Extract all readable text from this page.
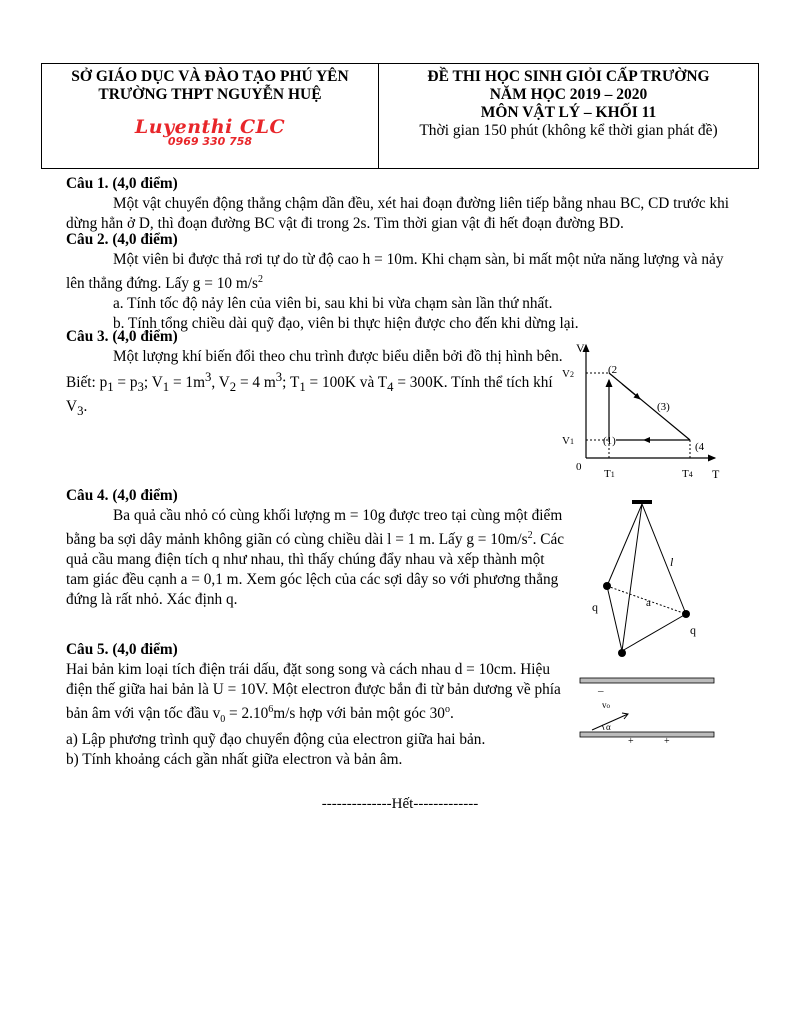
SỞ GIÁO DỤC VÀ ĐÀO TẠO PHÚ YÊN
TRƯỜNG THPT NGUYỄN HUỆ
Luyenthi CLC
0969 330 758
ĐỀ THI HỌC SINH GIỎI CẤP TRƯỜNG
NĂM HỌC 2019 – 2020
MÔN VẬT LÝ – KHỐI 11
Thời gian 150 phút (không kể thời gian phát đề)
Câu 1. (4,0 điểm)
Một vật chuyển động thẳng chậm dần đều, xét hai đoạn đường liên tiếp bằng nhau BC, CD trước khi dừng hẳn ở D, thì đoạn đường BC vật đi trong 2s. Tìm thời gian vật đi hết đoạn đường BD.
Câu 2. (4,0 điểm)
Một viên bi được thả rơi tự do từ độ cao h = 10m. Khi chạm sàn, bi mất một nửa năng lượng và nảy lên thẳng đứng. Lấy g = 10 $m/s^2$
a. Tính tốc độ nảy lên của viên bi, sau khi bi vừa chạm sàn lần thứ nhất.
b. Tính tổng chiều dài quỹ đạo, viên bi thực hiện được cho đến khi dừng lại.
Câu 3. (4,0 điểm)
Một lượng khí biến đổi theo chu trình được biểu diễn bởi đồ thị hình bên. Biết: $p_1 = p_3$; $V_1 = 1m^3$, $V_2 = 4$ $m^3$; $T_1 = 100K$ và $T_4 = 300K$. Tính thể tích khí $V_3$.
V
T
0
V2
V1
T1	T4
(2
(3)
(1)	(4
Câu 4. (4,0 điểm)
Ba quả cầu nhỏ có cùng khối lượng m = 10g được treo tại cùng một điểm bằng ba sợi dây mảnh không giãn có cùng chiều dài l = 1 m. Lấy $g = 10m/s^2$. Các quả cầu mang điện tích q như nhau, thì thấy chúng đẩy nhau và xếp thành một tam giác đều cạnh a = 0,1 m. Xem góc lệch của các sợi dây so với phương thẳng đứng là rất nhỏ. Xác định q.
l
a
q
q
Câu 5. (4,0 điểm)
Hai bản kim loại tích điện trái dấu, đặt song song và cách nhau d = 10cm. Hiệu điện thế giữa hai bản là U = 10V. Một electron được bắn đi từ bản dương về phía bản âm với vận tốc đầu $v_0 = 2.10^6m/s$ hợp với bản một góc 30$^o$.
a) Lập phương trình quỹ đạo chuyển động của electron giữa hai bản.
b) Tính khoảng cách gần nhất giữa electron và bản âm.
–
vo
α
+	+
--------------Hết-------------
